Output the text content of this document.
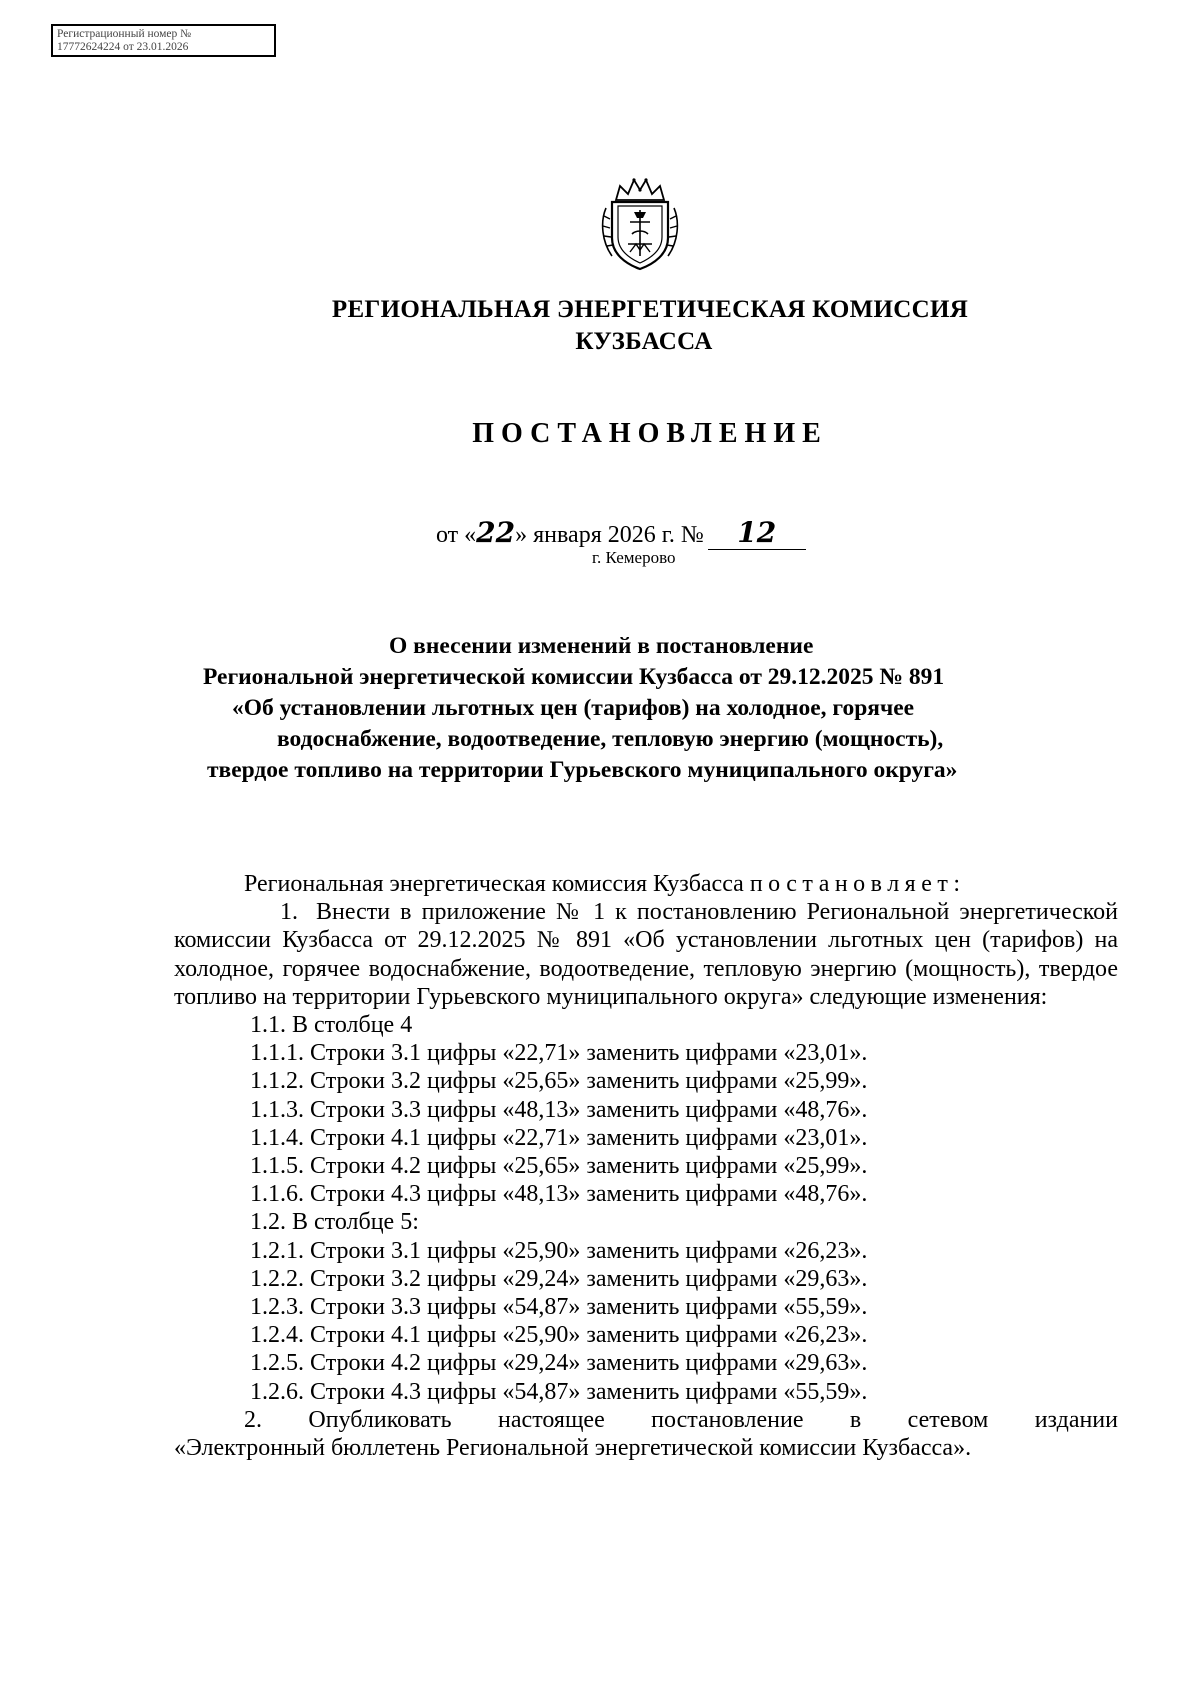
Регистрационный номер №
17772624224 от 23.01.2026
РЕГИОНАЛЬНАЯ ЭНЕРГЕТИЧЕСКАЯ КОМИССИЯ
КУЗБАССА
ПОСТАНОВЛЕНИЕ
от «22» января 2026 г. № 12
г. Кемерово
О внесении изменений в постановление
Региональной энергетической комиссии Кузбасса от 29.12.2025 № 891
«Об установлении льготных цен (тарифов) на холодное, горячее
водоснабжение, водоотведение, тепловую энергию (мощность),
твердое топливо на территории Гурьевского муниципального округа»
Региональная энергетическая комиссия Кузбасса постановляет:
1. Внести в приложение № 1 к постановлению Региональной энергетической комиссии Кузбасса от 29.12.2025 № 891 «Об установлении льготных цен (тарифов) на холодное, горячее водоснабжение, водоотведение, тепловую энергию (мощность), твердое топливо на территории Гурьевского муниципального округа» следующие изменения:
1.1. В столбце 4
1.1.1. Строки 3.1 цифры «22,71» заменить цифрами «23,01».
1.1.2. Строки 3.2 цифры «25,65» заменить цифрами «25,99».
1.1.3. Строки 3.3 цифры «48,13» заменить цифрами «48,76».
1.1.4. Строки 4.1 цифры «22,71» заменить цифрами «23,01».
1.1.5. Строки 4.2 цифры «25,65» заменить цифрами «25,99».
1.1.6. Строки 4.3 цифры «48,13» заменить цифрами «48,76».
1.2. В столбце 5:
1.2.1. Строки 3.1 цифры «25,90» заменить цифрами «26,23».
1.2.2. Строки 3.2 цифры «29,24» заменить цифрами «29,63».
1.2.3. Строки 3.3 цифры «54,87» заменить цифрами «55,59».
1.2.4. Строки 4.1 цифры «25,90» заменить цифрами «26,23».
1.2.5. Строки 4.2 цифры «29,24» заменить цифрами «29,63».
1.2.6. Строки 4.3 цифры «54,87» заменить цифрами «55,59».
2. Опубликовать настоящее постановление в сетевом издании
«Электронный бюллетень Региональной энергетической комиссии Кузбасса».
